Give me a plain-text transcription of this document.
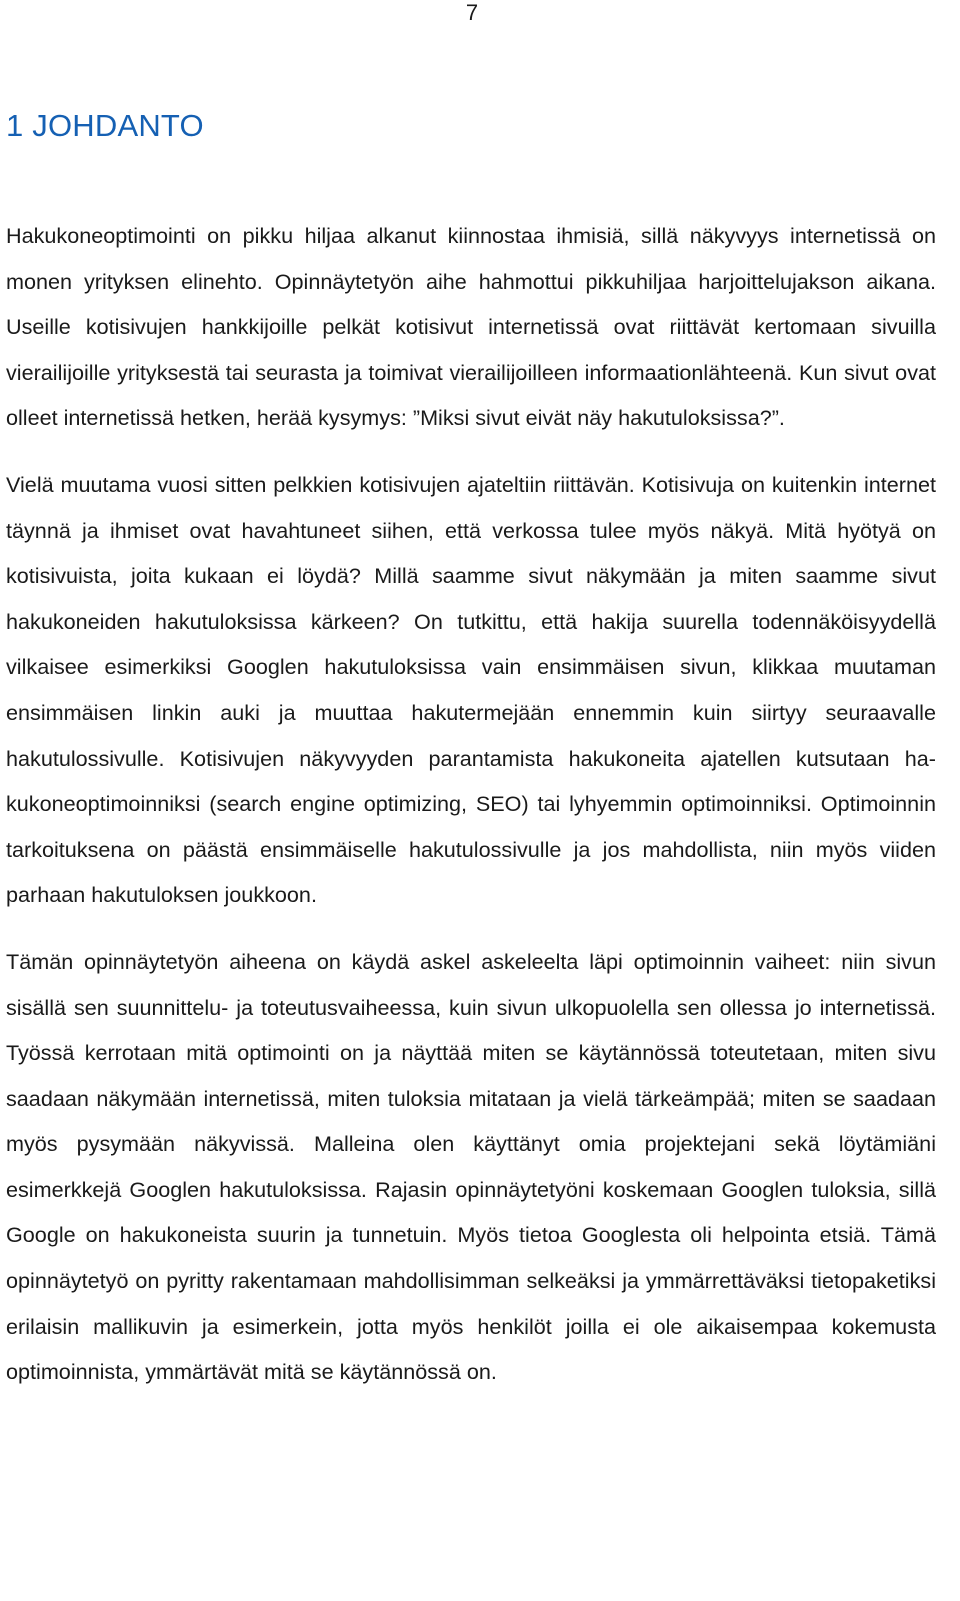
7
1 JOHDANTO

Hakukoneoptimointi on pikku hiljaa alkanut kiinnostaa ihmisiä, sillä näkyvyys internetissä on monen yrityksen elinehto. Opinnäytetyön aihe hahmottui pikkuhiljaa harjoittelujakson aikana. Useille kotisivujen hankkijoille pelkät kotisivut internetissä ovat riittävät kertomaan sivuilla vierailijoille yrityksestä tai seurasta ja toimivat vierailijoilleen informaationlähteenä. Kun sivut ovat olleet internetissä hetken, herää kysymys: ”Miksi sivut eivät näy hakutuloksissa?”.

Vielä muutama vuosi sitten pelkkien kotisivujen ajateltiin riittävän. Kotisivuja on kuitenkin internet täynnä ja ihmiset ovat havahtuneet siihen, että verkossa tulee myös näkyä. Mitä hyötyä on kotisivuista, joita kukaan ei löydä? Millä saamme sivut näkymään ja miten saamme sivut hakukoneiden hakutuloksissa kärkeen? On tutkittu, että hakija suurella todennäköisyydellä vilkaisee esimerkiksi Googlen hakutuloksissa vain ensimmäisen sivun, klikkaa muutaman ensimmäisen linkin auki ja muuttaa hakutermejään ennemmin kuin siirtyy seuraavalle hakutulossivulle. Kotisivujen näkyvyyden parantamista hakukoneita ajatellen kutsutaan hakukoneoptimoinniksi (search engine optimizing, SEO) tai lyhyemmin optimoinniksi. Optimoinnin tarkoituksena on päästä ensimmäiselle hakutulossivulle ja jos mahdollista, niin myös viiden parhaan hakutuloksen joukkoon.

Tämän opinnäytetyön aiheena on käydä askel askeleelta läpi optimoinnin vaiheet: niin sivun sisällä sen suunnittelu- ja toteutusvaiheessa, kuin sivun ulkopuolella sen ollessa jo internetissä. Työssä kerrotaan mitä optimointi on ja näyttää miten se käytännössä toteutetaan, miten sivu saadaan näkymään internetissä, miten tuloksia mitataan ja vielä tärkeämpää; miten se saadaan myös pysymään näkyvissä. Malleina olen käyttänyt omia projektejani sekä löytämiäni esimerkkejä Googlen hakutuloksissa. Rajasin opinnäytetyöni koskemaan Googlen tuloksia, sillä Google on hakukoneista suurin ja tunnetuin. Myös tietoa Googlesta oli helpointa etsiä. Tämä opinnäytetyö on pyritty rakentamaan mahdollisimman selkeäksi ja ymmärrettäväksi tietopaketiksi erilaisin mallikuvin ja esimerkein, jotta myös henkilöt joilla ei ole aikaisempaa kokemusta optimoinnista, ymmärtävät mitä se käytännössä on.
